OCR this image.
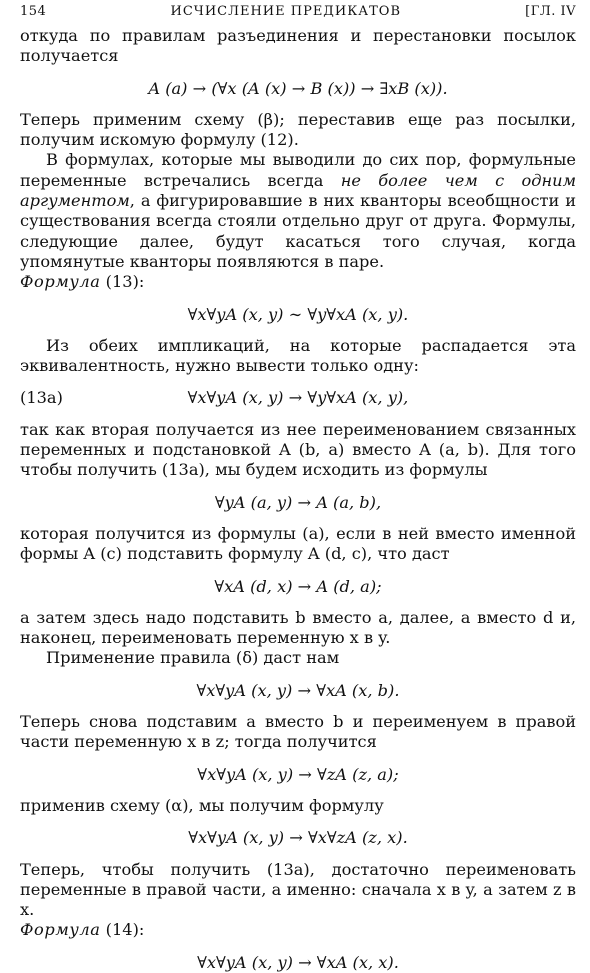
154	ИСЧИСЛЕНИЕ ПРЕДИКАТОВ	[ГЛ. IV

откуда по правилам разъединения и перестановки посылок получается

A (a) → (∀x (A (x) → B (x)) → ∃xB (x)).

Теперь применим схему (β); переставив еще раз посылки, получим искомую формулу (12).

В формулах, которые мы выводили до сих пор, формульные переменные встречались всегда не более чем с одним аргументом, а фигурировавшие в них кванторы всеобщности и существования всегда стояли отдельно друг от друга. Формулы, следующие далее, будут касаться того случая, когда упомянутые кванторы появляются в паре.

Формула (13):

∀x∀yA (x, y) ∼ ∀y∀xA (x, y).

Из обеих импликаций, на которые распадается эта эквивалентность, нужно вывести только одну:

(13a)	∀x∀yA (x, y) → ∀y∀xA (x, y),

так как вторая получается из нее переименованием связанных переменных и подстановкой A (b, a) вместо A (a, b). Для того чтобы получить (13a), мы будем исходить из формулы

∀yA (a, y) → A (a, b),

которая получится из формулы (a), если в ней вместо именной формы A (c) подставить формулу A (d, c), что даст

∀xA (d, x) → A (d, a);

а затем здесь надо подставить b вместо a, далее, a вместо d и, наконец, переименовать переменную x в y.

Применение правила (δ) даст нам

∀x∀yA (x, y) → ∀xA (x, b).

Теперь снова подставим a вместо b и переименуем в правой части переменную x в z; тогда получится

∀x∀yA (x, y) → ∀zA (z, a);

применив схему (α), мы получим формулу

∀x∀yA (x, y) → ∀x∀zA (z, x).

Теперь, чтобы получить (13a), достаточно переименовать переменные в правой части, а именно: сначала x в y, а затем z в x.

Формула (14):

∀x∀yA (x, y) → ∀xA (x, x).
